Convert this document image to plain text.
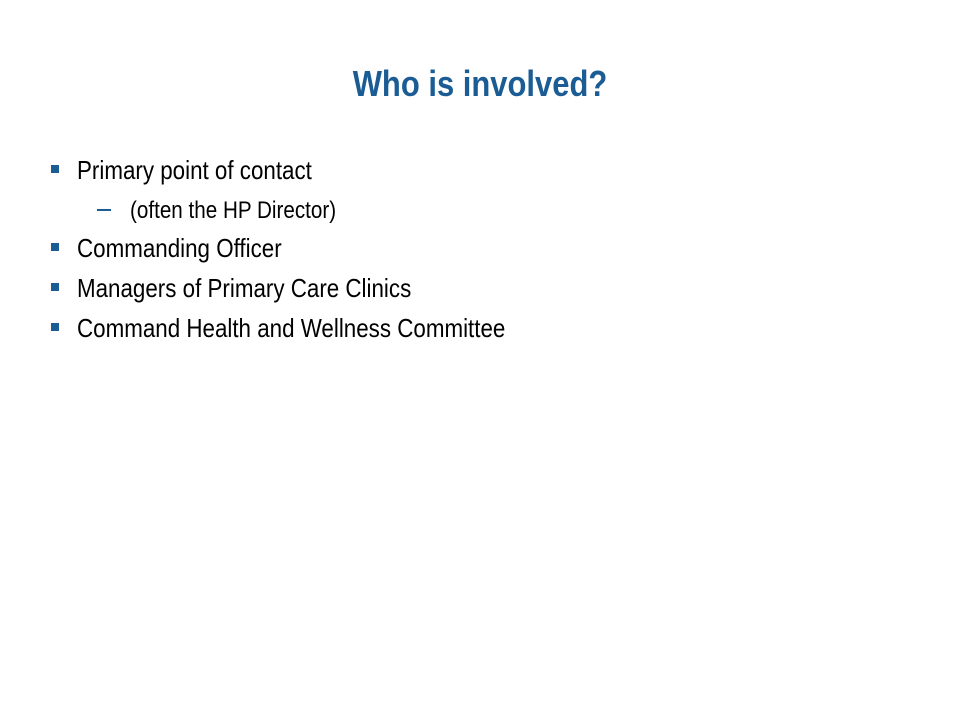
Who is involved?
Primary point of contact
(often the HP Director)
Commanding Officer
Managers of Primary Care Clinics
Command Health and Wellness Committee
